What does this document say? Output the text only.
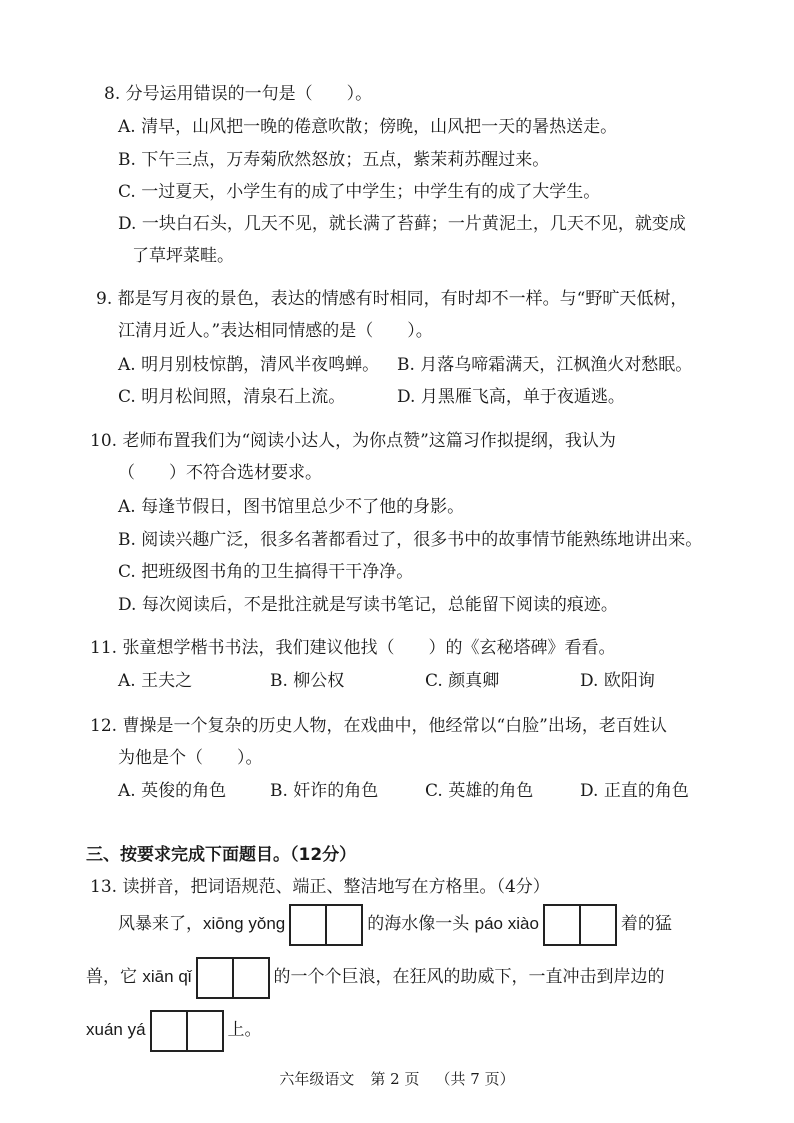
8. 分号运用错误的一句是（　　）。
A. 清早，山风把一晚的倦意吹散；傍晚，山风把一天的暑热送走。
B. 下午三点，万寿菊欣然怒放；五点，紫茉莉苏醒过来。
C. 一过夏天，小学生有的成了中学生；中学生有的成了大学生。
D. 一块白石头，几天不见，就长满了苔藓；一片黄泥土，几天不见，就变成
了草坪菜畦。
9. 都是写月夜的景色，表达的情感有时相同，有时却不一样。与“野旷天低树，
江清月近人。”表达相同情感的是（　　）。
A. 明月别枝惊鹊，清风半夜鸣蝉。 B. 月落乌啼霜满天，江枫渔火对愁眠。
C. 明月松间照，清泉石上流。	D. 月黑雁飞高，单于夜遁逃。
10. 老师布置我们为“阅读小达人，为你点赞”这篇习作拟提纲，我认为
（　　）不符合选材要求。
A. 每逢节假日，图书馆里总少不了他的身影。
B. 阅读兴趣广泛，很多名著都看过了，很多书中的故事情节能熟练地讲出来。
C. 把班级图书角的卫生搞得干干净净。
D. 每次阅读后，不是批注就是写读书笔记，总能留下阅读的痕迹。
11. 张童想学楷书书法，我们建议他找（　　）的《玄秘塔碑》看看。
A. 王夫之	B. 柳公权	C. 颜真卿	D. 欧阳询
12. 曹操是一个复杂的历史人物，在戏曲中，他经常以“白脸”出场，老百姓认
为他是个（　　）。
A. 英俊的角色	B. 奸诈的角色	C. 英雄的角色	D. 正直的角色
三、按要求完成下面题目。（12分）
13. 读拼音，把词语规范、端正、整洁地写在方格里。（4分）
风暴来了，xiōng yǒng	的海水像一头 páo xiào	着的猛
兽，它 xiān qǐ	的一个个巨浪，在狂风的助威下，一直冲击到岸边的
xuán yá	上。
六年级语文 第 2 页 （共 7 页）
